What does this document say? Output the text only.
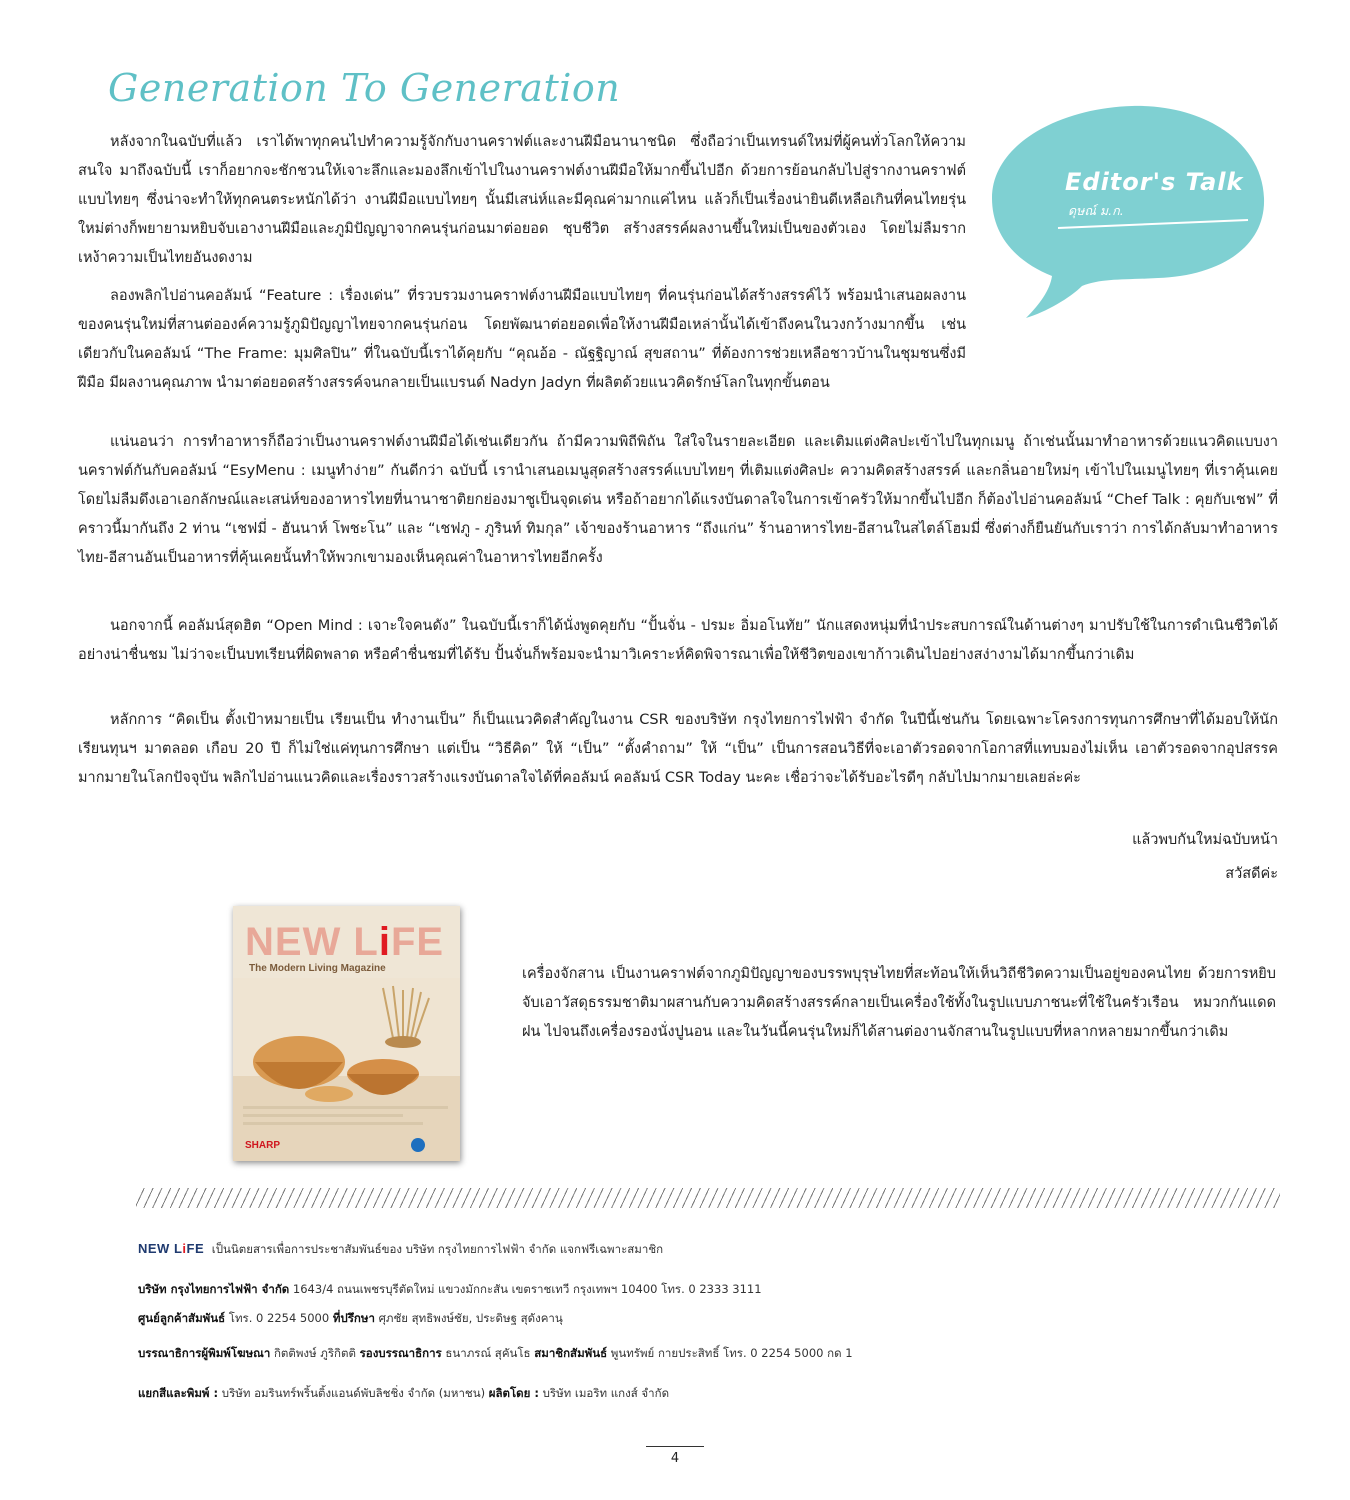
Generation To Generation

Editor's Talk

ดุษณ์ ม.ก.

หลังจากในฉบับที่แล้ว เราได้พาทุกคนไปทำความรู้จักกับงานคราฟต์และงานฝีมือนานาชนิด ซึ่งถือว่าเป็นเทรนด์ใหม่ที่ผู้คนทั่วโลกให้ความสนใจ มาถึงฉบับนี้ เราก็อยากจะชักชวนให้เจาะลึกและมองลึกเข้าไปในงานคราฟต์งานฝีมือให้มากขึ้นไปอีก ด้วยการย้อนกลับไปสู่รากงานคราฟต์แบบไทยๆ ซึ่งน่าจะทำให้ทุกคนตระหนักได้ว่า งานฝีมือแบบไทยๆ นั้นมีเสน่ห์และมีคุณค่ามากแค่ไหน แล้วก็เป็นเรื่องน่ายินดีเหลือเกินที่คนไทยรุ่นใหม่ต่างก็พยายามหยิบจับเอางานฝีมือและภูมิปัญญาจากคนรุ่นก่อนมาต่อยอด ชุบชีวิต สร้างสรรค์ผลงานขึ้นใหม่เป็นของตัวเอง โดยไม่ลืมรากเหง้าความเป็นไทยอันงดงาม

ลองพลิกไปอ่านคอลัมน์ “Feature : เรื่องเด่น” ที่รวบรวมงานคราฟต์งานฝีมือแบบไทยๆ ที่คนรุ่นก่อนได้สร้างสรรค์ไว้ พร้อมนำเสนอผลงานของคนรุ่นใหม่ที่สานต่อองค์ความรู้ภูมิปัญญาไทยจากคนรุ่นก่อน โดยพัฒนาต่อยอดเพื่อให้งานฝีมือเหล่านั้นได้เข้าถึงคนในวงกว้างมากขึ้น เช่นเดียวกับในคอลัมน์ “The Frame: มุมศิลปิน” ที่ในฉบับนี้เราได้คุยกับ “คุณอ้อ - ณัฐฐิญาณ์ สุขสถาน” ที่ต้องการช่วยเหลือชาวบ้านในชุมชนซึ่งมีฝีมือ มีผลงานคุณภาพ นำมาต่อยอดสร้างสรรค์จนกลายเป็นแบรนด์ Nadyn Jadyn ที่ผลิตด้วยแนวคิดรักษ์โลกในทุกขั้นตอน

แน่นอนว่า การทำอาหารก็ถือว่าเป็นงานคราฟต์งานฝีมือได้เช่นเดียวกัน ถ้ามีความพิถีพิถัน ใส่ใจในรายละเอียด และเติมแต่งศิลปะเข้าไปในทุกเมนู ถ้าเช่นนั้นมาทำอาหารด้วยแนวคิดแบบงานคราฟต์กันกับคอลัมน์ “EsyMenu : เมนูทำง่าย” กันดีกว่า ฉบับนี้ เรานำเสนอเมนูสุดสร้างสรรค์แบบไทยๆ ที่เติมแต่งศิลปะ ความคิดสร้างสรรค์ และกลิ่นอายใหม่ๆ เข้าไปในเมนูไทยๆ ที่เราคุ้นเคย โดยไม่ลืมดึงเอาเอกลักษณ์และเสน่ห์ของอาหารไทยที่นานาชาติยกย่องมาชูเป็นจุดเด่น หรือถ้าอยากได้แรงบันดาลใจในการเข้าครัวให้มากขึ้นไปอีก ก็ต้องไปอ่านคอลัมน์ “Chef Talk : คุยกับเชฟ” ที่คราวนี้มากันถึง 2 ท่าน “เชฟมี่ - ฮันนาห์ โพชะโน” และ “เชฟภู - ภูรินท์ ทิมกุล” เจ้าของร้านอาหาร “ถึงแก่น” ร้านอาหารไทย-อีสานในสไตล์โฮมมี่ ซึ่งต่างก็ยืนยันกับเราว่า การได้กลับมาทำอาหารไทย-อีสานอันเป็นอาหารที่คุ้นเคยนั้นทำให้พวกเขามองเห็นคุณค่าในอาหารไทยอีกครั้ง

นอกจากนี้ คอลัมน์สุดฮิต “Open Mind : เจาะใจคนดัง” ในฉบับนี้เราก็ได้นั่งพูดคุยกับ “ปั้นจั่น - ปรมะ อิ่มอโนทัย” นักแสดงหนุ่มที่นำประสบการณ์ในด้านต่างๆ มาปรับใช้ในการดำเนินชีวิตได้อย่างน่าชื่นชม ไม่ว่าจะเป็นบทเรียนที่ผิดพลาด หรือคำชื่นชมที่ได้รับ ปั้นจั่นก็พร้อมจะนำมาวิเคราะห์คิดพิจารณาเพื่อให้ชีวิตของเขาก้าวเดินไปอย่างสง่างามได้มากขึ้นกว่าเดิม

หลักการ “คิดเป็น ตั้งเป้าหมายเป็น เรียนเป็น ทำงานเป็น” ก็เป็นแนวคิดสำคัญในงาน CSR ของบริษัท กรุงไทยการไฟฟ้า จำกัด ในปีนี้เช่นกัน โดยเฉพาะโครงการทุนการศึกษาที่ได้มอบให้นักเรียนทุนฯ มาตลอด เกือบ 20 ปี ก็ไม่ใช่แค่ทุนการศึกษา แต่เป็น “วิธีคิด” ให้ “เป็น” “ตั้งคำถาม” ให้ “เป็น” เป็นการสอนวิธีที่จะเอาตัวรอดจากโอกาสที่แทบมองไม่เห็น เอาตัวรอดจากอุปสรรคมากมายในโลกปัจจุบัน พลิกไปอ่านแนวคิดและเรื่องราวสร้างแรงบันดาลใจได้ที่คอลัมน์ คอลัมน์ CSR Today นะคะ เชื่อว่าจะได้รับอะไรดีๆ กลับไปมากมายเลยล่ะค่ะ

แล้วพบกันใหม่ฉบับหน้า

สวัสดีค่ะ

NEW LiFE

The Modern Living Magazine

SHARP

เครื่องจักสาน เป็นงานคราฟต์จากภูมิปัญญาของบรรพบุรุษไทยที่สะท้อนให้เห็นวิถีชีวิตความเป็นอยู่ของคนไทย ด้วยการหยิบจับเอาวัสดุธรรมชาติมาผสานกับความคิดสร้างสรรค์กลายเป็นเครื่องใช้ทั้งในรูปแบบภาชนะที่ใช้ในครัวเรือน หมวกกันแดดฝน ไปจนถึงเครื่องรองนั่งปูนอน และในวันนี้คนรุ่นใหม่ก็ได้สานต่องานจักสานในรูปแบบที่หลากหลายมากขึ้นกว่าเดิม

NEW LiFE เป็นนิตยสารเพื่อการประชาสัมพันธ์ของ บริษัท กรุงไทยการไฟฟ้า จำกัด แจกฟรีเฉพาะสมาชิก

บริษัท กรุงไทยการไฟฟ้า จำกัด 1643/4 ถนนเพชรบุรีตัดใหม่ แขวงมักกะสัน เขตราชเทวี กรุงเทพฯ 10400 โทร. 0 2333 3111

ศูนย์ลูกค้าสัมพันธ์ โทร. 0 2254 5000 ที่ปรึกษา ศุภชัย สุทธิพงษ์ชัย, ประดิษฐ สุดังคานุ

บรรณาธิการผู้พิมพ์โฆษณา กิตติพงษ์ ภูริกิตติ รองบรรณาธิการ ธนาภรณ์ สุคันโธ สมาชิกสัมพันธ์ พูนทรัพย์ กายประสิทธิ์ โทร. 0 2254 5000 กด 1

แยกสีและพิมพ์ : บริษัท อมรินทร์พริ้นติ้งแอนด์พับลิชชิ่ง จำกัด (มหาชน) ผลิตโดย : บริษัท เมอริท แกงส์ จำกัด

4
